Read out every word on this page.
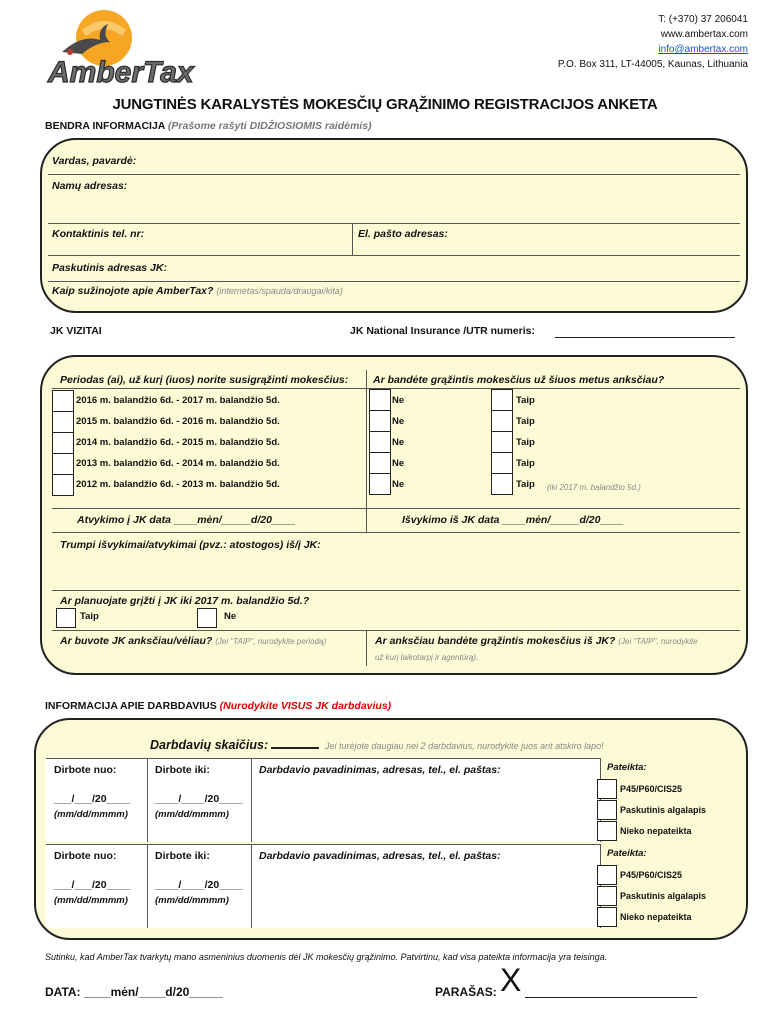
AmberTax
T: (+370) 37 206041
www.ambertax.com
info@ambertax.com
P.O. Box 311, LT-44005, Kaunas, Lithuania
JUNGTINĖS KARALYSTĖS MOKESČIŲ GRĄŽINIMO REGISTRACIJOS ANKETA
BENDRA INFORMACIJA (Prašome rašyti DIDŽIOSIOMIS raidėmis)
Vardas, pavardė:
Namų adresas:
Kontaktinis tel. nr:	El. pašto adresas:
Paskutinis adresas JK:
Kaip sužinojote apie AmberTax? (internetas/spauda/draugai/kita)
JK VIZITAI	JK National Insurance /UTR numeris:
Periodas (ai), už kurį (iuos) norite susigrąžinti mokesčius: Ar bandėte grąžintis mokesčius už šiuos metus anksčiau?
2016 m. balandžio 6d. - 2017 m. balandžio 5d.	Ne	Taip
2015 m. balandžio 6d. - 2016 m. balandžio 5d.	Ne	Taip
2014 m. balandžio 6d. - 2015 m. balandžio 5d.	Ne	Taip
2013 m. balandžio 6d. - 2014 m. balandžio 5d.	Ne	Taip
2012 m. balandžio 6d. - 2013 m. balandžio 5d.	Ne	Taip (iki 2017 m. balandžio 5d.)
Atvykimo į JK data ____mėn/_____d/20____	Išvykimo iš JK data ____mėn/_____d/20____
Trumpi išvykimai/atvykimai (pvz.: atostogos) iš/į JK:
Ar planuojate grįžti į JK iki 2017 m. balandžio 5d.?
Taip	Ne
Ar buvote JK anksčiau/vėliau? (Jei "TAIP", nurodykite periodą)	Ar anksčiau bandėte grąžintis mokesčius iš JK? (Jei "TAIP", nurodykite
už kurį laikotarpį ir agentūrą).
INFORMACIJA APIE DARBDAVIUS (Nurodykite VISUS JK darbdavius)
Darbdavių skaičius:	Jei turėjote daugiau nei 2 darbdavius, nurodykite juos ant atskiro lapo!
Dirbote nuo:	Dirbote iki:	Darbdavio pavadinimas, adresas, tel., el. paštas:
___/___/20____ ____/____/20____
(mm/dd/mmmm)	(mm/dd/mmmm)
Pateikta:
P45/P60/CIS25
Paskutinis algalapis
Nieko nepateikta
Dirbote nuo:	Dirbote iki:	Darbdavio pavadinimas, adresas, tel., el. paštas:
___/___/20____ ____/____/20____
(mm/dd/mmmm)	(mm/dd/mmmm)
Pateikta:
P45/P60/CIS25
Paskutinis algalapis
Nieko nepateikta
Sutinku, kad AmberTax tvarkytų mano asmeninius duomenis dėl JK mokesčių grąžinimo. Patvirtinu, kad visa pateikta informacija yra teisinga.
DATA: ____mėn/____d/20_____	PARAŠAS: X
